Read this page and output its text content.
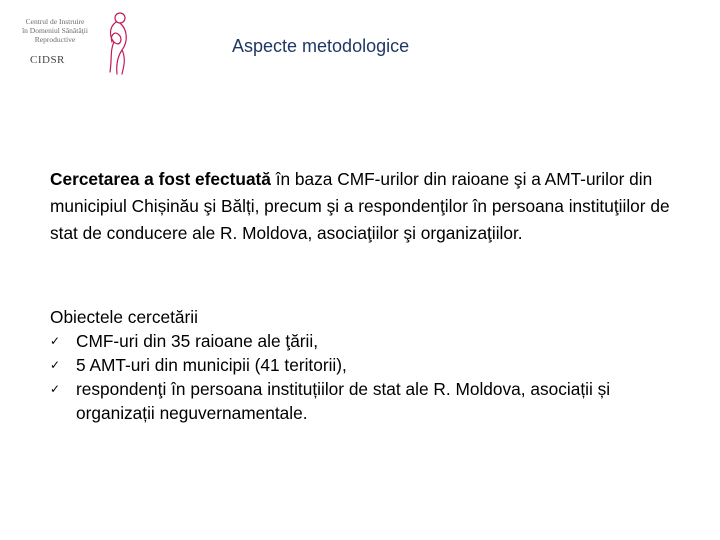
Centrul de Instruire
în Domeniul Sănătăţii
Reproductive
CIDSR
Aspecte metodologice
Cercetarea a fost efectuată în baza CMF-urilor din raioane şi a AMT-urilor din municipiul Chișinău şi Bălți, precum şi a respondenţilor în persoana instituţiilor de stat de conducere ale R. Moldova, asociaţiilor şi organizaţiilor.
Obiectele cercetării
✓ CMF-uri din 35 raioane ale ţării,
✓ 5 AMT-uri din municipii (41 teritorii),
✓ respondenţi în persoana instituțiilor de stat ale R. Moldova, asociații și organizații neguvernamentale.
